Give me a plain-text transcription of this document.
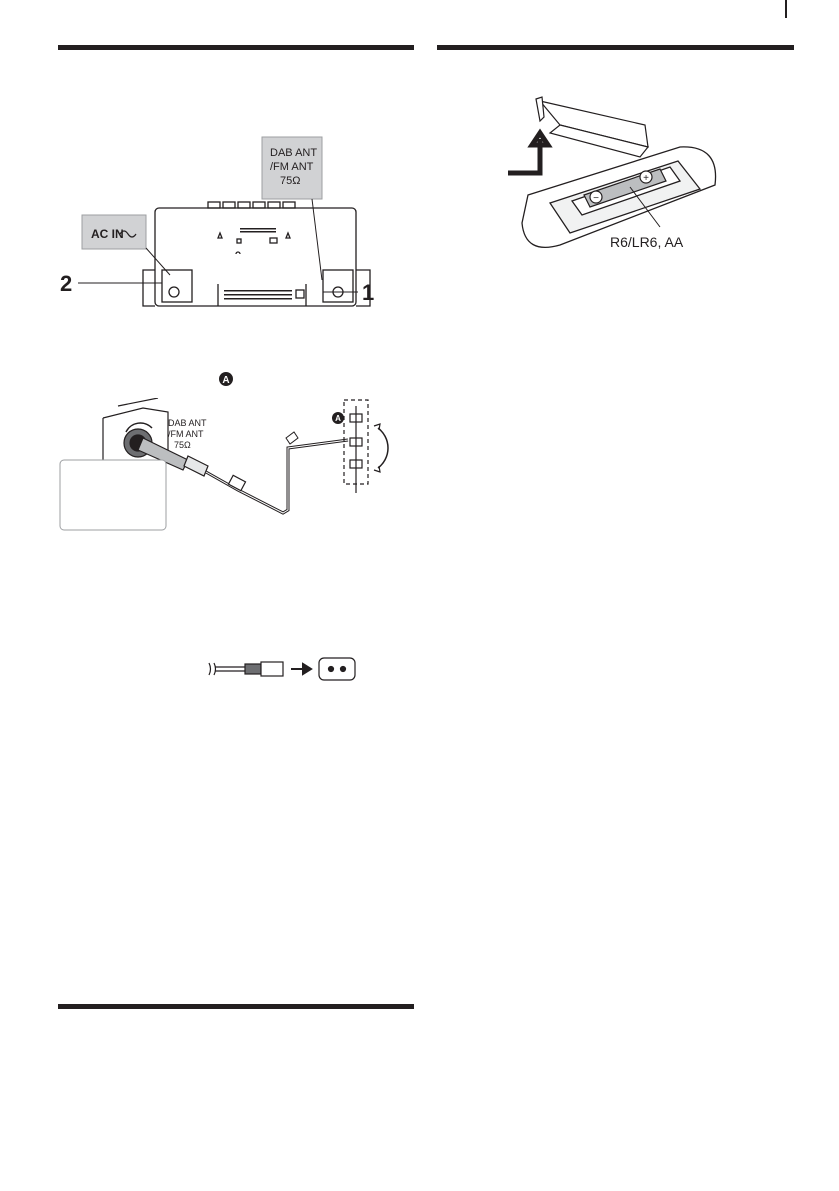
AC IN
DAB ANT
/FM ANT
75Ω
2	1
A
DAB ANT
/FM ANT
75Ω
A
−
+
R6/LR6, AA
